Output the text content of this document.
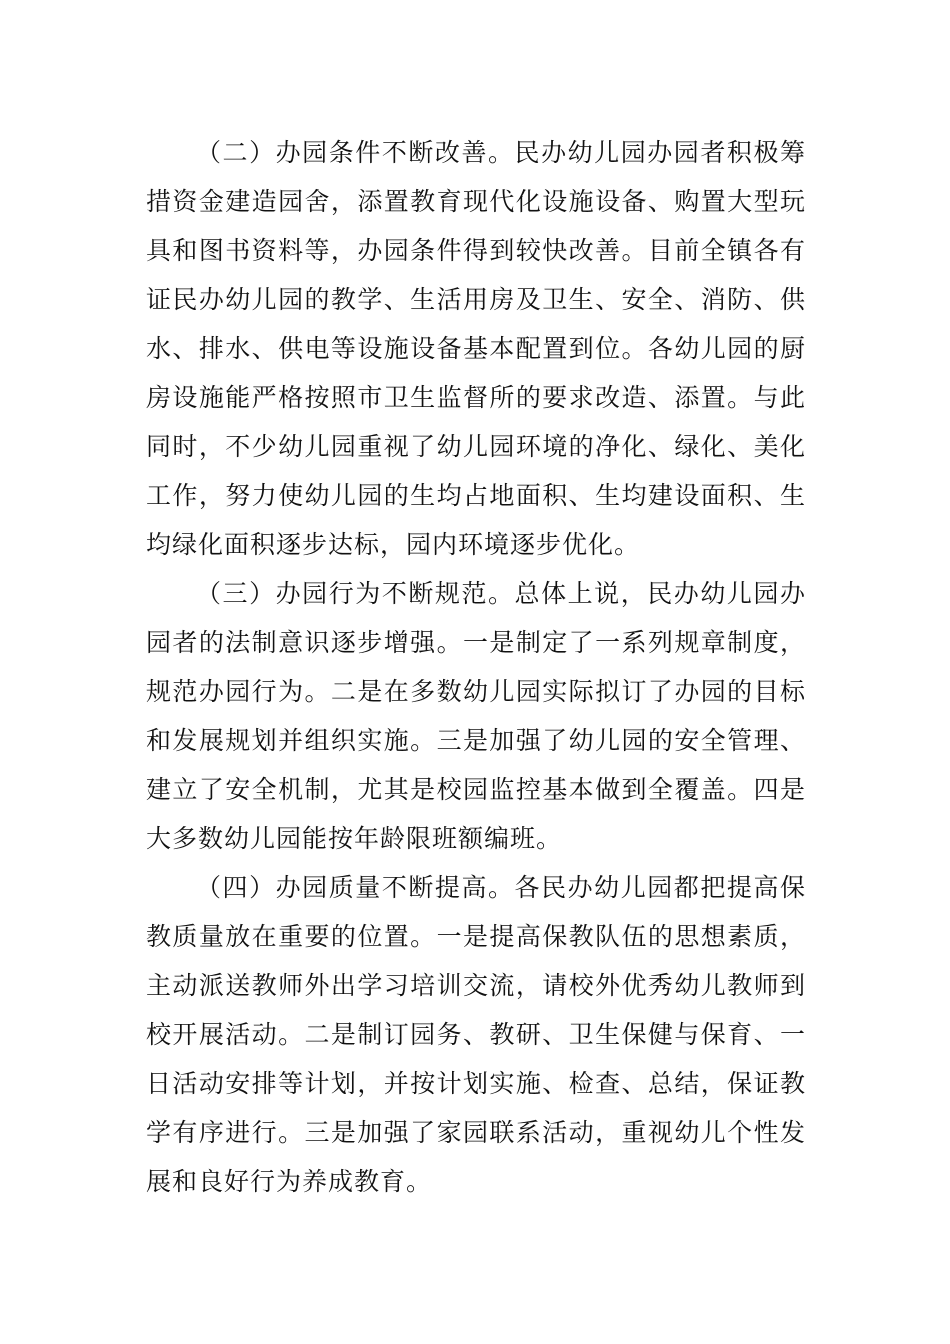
（二）办园条件不断改善。民办幼儿园办园者积极筹措资金建造园舍，添置教育现代化设施设备、购置大型玩具和图书资料等，办园条件得到较快改善。目前全镇各有证民办幼儿园的教学、生活用房及卫生、安全、消防、供水、排水、供电等设施设备基本配置到位。各幼儿园的厨房设施能严格按照市卫生监督所的要求改造、添置。与此同时，不少幼儿园重视了幼儿园环境的净化、绿化、美化工作，努力使幼儿园的生均占地面积、生均建设面积、生均绿化面积逐步达标，园内环境逐步优化。

（三）办园行为不断规范。总体上说，民办幼儿园办园者的法制意识逐步增强。一是制定了一系列规章制度，规范办园行为。二是在多数幼儿园实际拟订了办园的目标和发展规划并组织实施。三是加强了幼儿园的安全管理、建立了安全机制，尤其是校园监控基本做到全覆盖。四是大多数幼儿园能按年龄限班额编班。

（四）办园质量不断提高。各民办幼儿园都把提高保教质量放在重要的位置。一是提高保教队伍的思想素质，主动派送教师外出学习培训交流，请校外优秀幼儿教师到校开展活动。二是制订园务、教研、卫生保健与保育、一日活动安排等计划，并按计划实施、检查、总结，保证教学有序进行。三是加强了家园联系活动，重视幼儿个性发展和良好行为养成教育。
